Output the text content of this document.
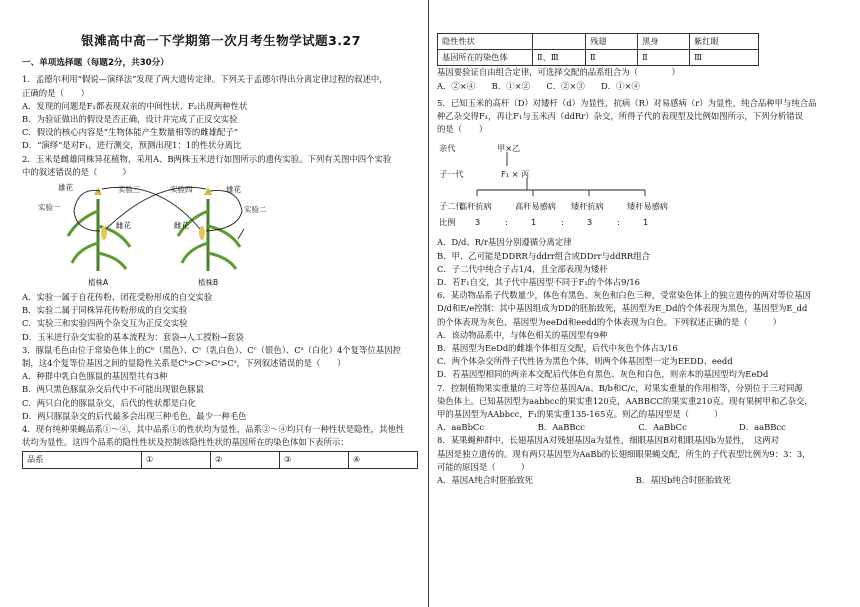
银滩高中高一下学期第一次月考生物学试题3.27
一、单项选择题（每题2分，共30分）

1．孟德尔利用“假说—演绎法”发现了两大遗传定律。下列关于孟德尔得出分离定律过程的叙述中，

正确的是（　　）

A．发现的问题是F₁都表现双亲的中间性状、F₂出现两种性状

B．为验证做出的假设是否正确，设计并完成了正反交实验

C．假设的核心内容是“生物体能产生数量相等的雌雄配子”

D．“演绎”是对F₁，进行测交，预测出现1：1的性状分离比

2．玉米是雌雄同株异花植物，采用A、B两株玉米进行如图所示的遗传实验。下列有关图中四个实验

中的叙述错误的是（　　　）

雄花
实验一
实验三	实验四	雄花
实验二
雌花	雌花
植株A	植株B

A．实验一属于自花传粉、闭花受粉形成的自交实验

B．实验二属于同株异花传粉形成的自交实验

C．实验三和实验四两个杂交互为正反交实验

D．玉米进行杂交实验的基本流程为：套袋→人工授粉→套袋

3．豚鼠毛色由位于常染色体上的Cᵇ（黑色）、Cˢ（乳白色）、Cᶜ（银色）、Cᶻ（白化）4个复等位基因控

制，这4个复等位基因之间的显隐性关系是Cᵇ>Cᶜ>Cˢ>Cᶻ，下列叙述错误的是（　　）

A．种群中乳白色豚鼠的基因型共有3种

B．两只黑色豚鼠杂交后代中不可能出现银色豚鼠

C．两只白化的豚鼠杂交，后代的性状都是白化

D．两只豚鼠杂交的后代最多会出现三种毛色，最少一种毛色

4．现有纯种果蝇品系①～④，其中品系①的性状均为显性，品系②～④均只有一种性状是隐性，其他性

状均为显性。这四个品系的隐性性状及控制该隐性性状的基因所在的染色体如下表所示：

品系	①	②	③	④
隐性性状		残翅	黑身	紫红眼
基因所在的染色体	Ⅱ、Ⅲ	Ⅱ	Ⅱ	Ⅲ

基因要验证自由组合定律，可选择交配的品系组合为（　　　　）

A．②×④ B．①×② C．②×③ D．①×④

5．已知玉米的高杆（D）对矮杆（d）为显性，抗病（R）对易感病（r）为显性，纯合品种甲与纯合品

种乙杂交得F₁，再让F₁与玉米丙（ddRr）杂交，所得子代的表现型及比例如图所示，下列分析错误

的是（　　）

亲代	甲×乙
子一代	F₁ × 丙
子二代
高秆抗病	高秆易感病 矮秆抗病	矮秆易感病
比例 3	:	1	:	3	:	1

A．D/d、R/r基因分别遵循分离定律

B．甲、乙可能是DDRR与ddrr组合或DDrr与ddRR组合

C．子二代中纯合子占1/4，且全部表现为矮秆

D．若F₁自交，其子代中基因型不同于F₁的个体占9/16

6．某动物品系子代数量少，体色有黑色、灰色和白色三种，受常染色体上的独立遗传的两对等位基因

D/d和E/e控制：其中基因组成为DD的胚胎致死，基因型为E_Dd的个体表现为黑色，基因型为E_dd

的个体表现为灰色，基因型为eeDd和eedd的个体表现为白色。下列叙述正确的是（　　　）

A．该动物品系中，与体色相关的基因型有9种

B．基因型为EeDd的雌雄个体相互交配，后代中灰色个体占3/16

C．两个体杂交所得子代性皆为黑色个体，则两个体基因型一定为EEDD、eedd

D．若基因型相同的两亲本交配后代体色有黑色、灰色和白色，则亲本的基因型均为EeDd

7．控制植物果实重量的三对等位基因A/a、B/b和C/c，对果实重量的作用相等，分别位于三对同源

染色体上。已知基因型为aabbcc的果实重120克，AABBCC的果实重210克。现有果树甲和乙杂交，

甲的基因型为AAbbcc，F₁的果实重135-165克。则乙的基因型是（　　　）

A．aaBbCc	B．AaBBcc	C．AaBbCc	D．aaBBcc

8．某果蝇种群中，长翅基因A对残翅基因a为显性，细眼基因B对粗眼基因b为显性，　这两对

基因是独立遗传的。现有两只基因型为AaBb的长翅细眼果蝇交配，所生的子代表型比例为9：3：3，

可能的原因是（　　　）

A．基因A纯合时胚胎致死	B．基因b纯合时胚胎致死
